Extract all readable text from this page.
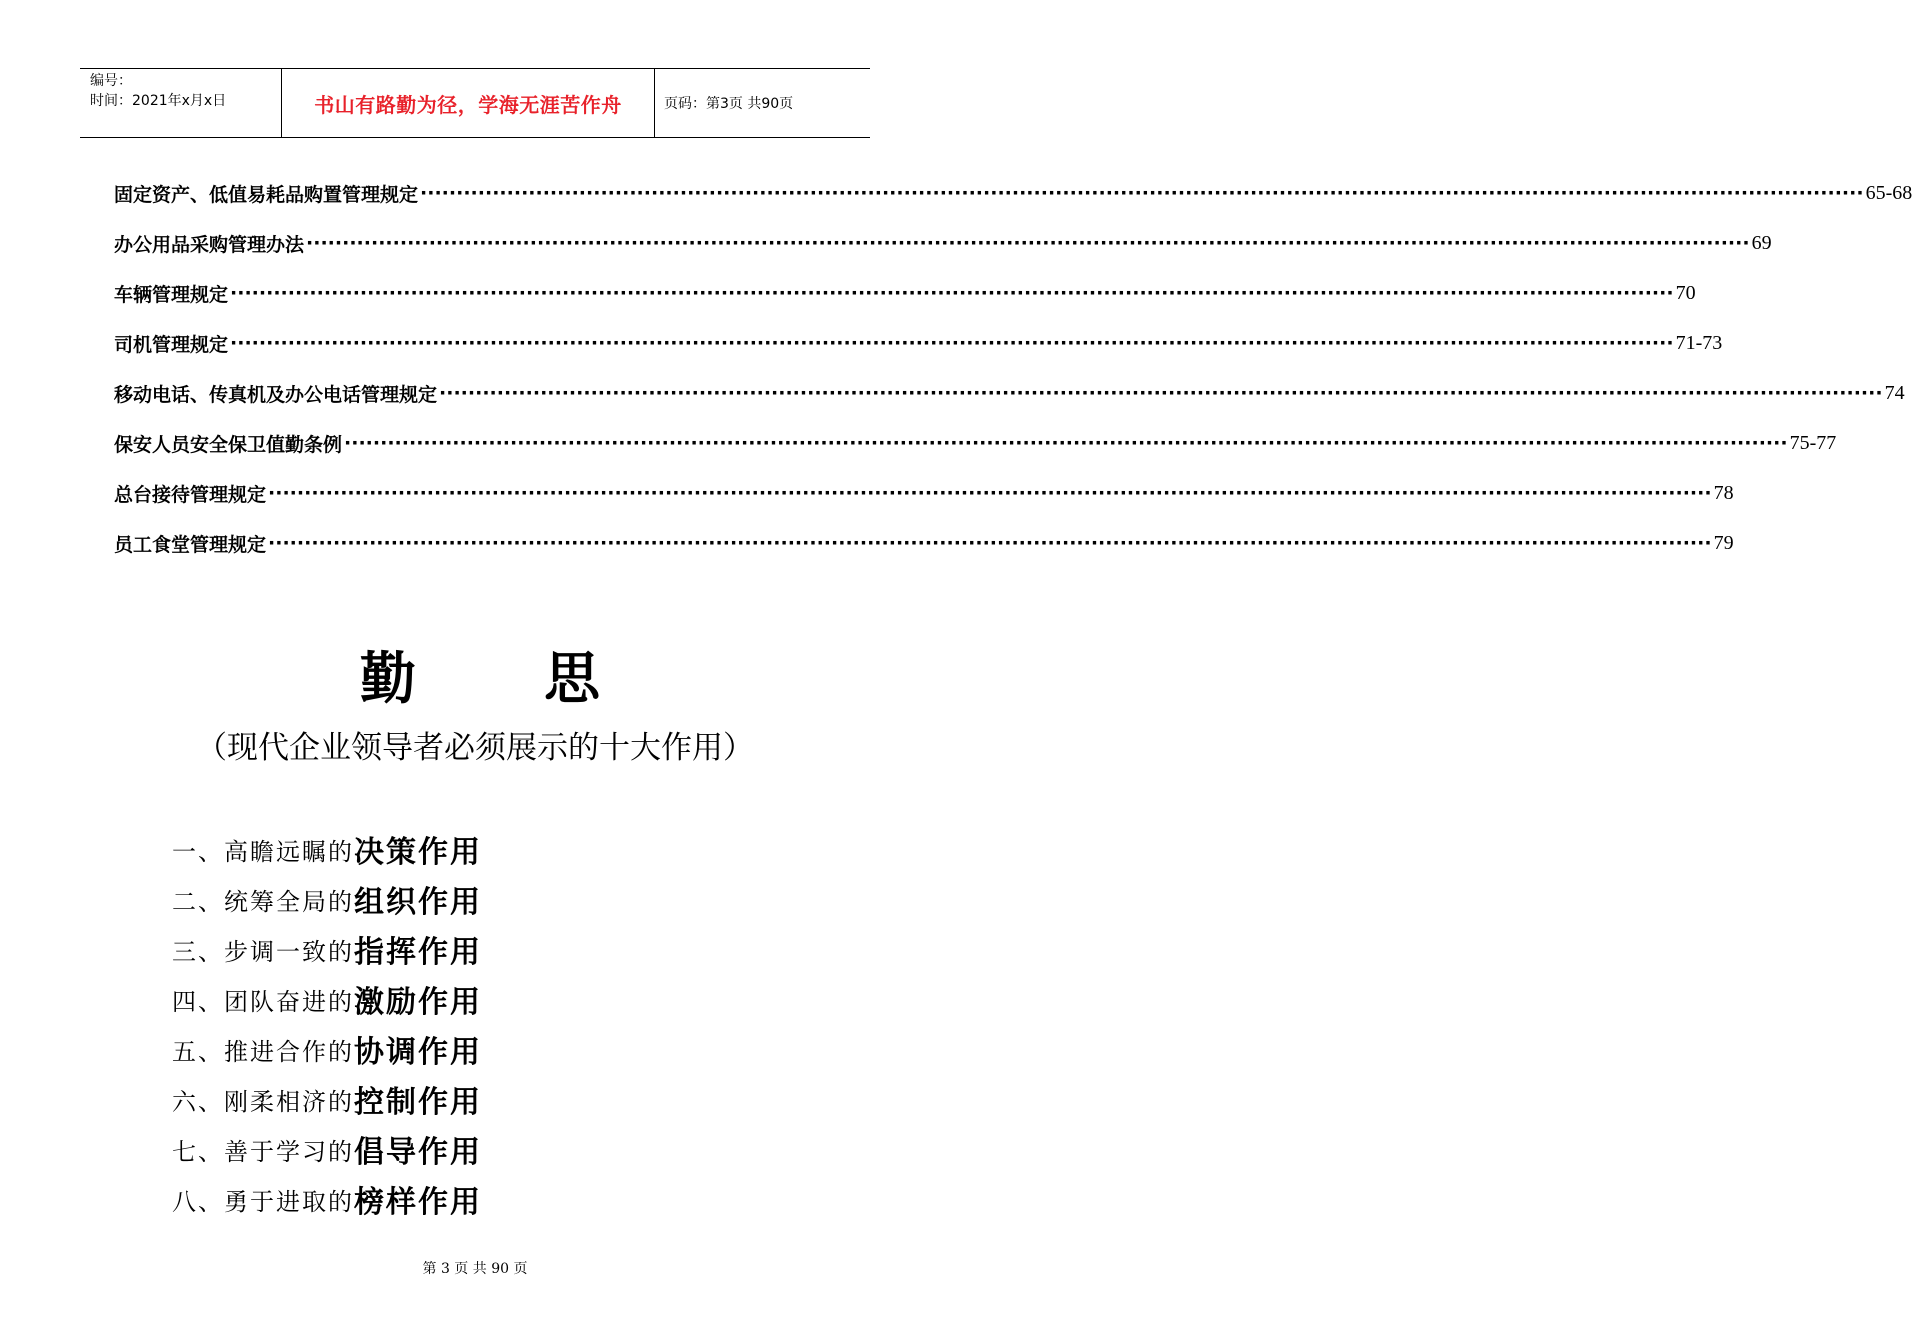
编号：
时间：2021年x月x日	书山有路勤为径，学海无涯苦作舟	页码：第3页 共90页
固定资产、低值易耗品购置管理规定 ········································································································································································································ 65-68
办公用品采购管理办法 ········································································································································································································ 69
车辆管理规定 ········································································································································································································ 70
司机管理规定 ········································································································································································································ 71-73
移动电话、传真机及办公电话管理规定 ········································································································································································································ 74
保安人员安全保卫值勤条例 ········································································································································································································ 75-77
总台接待管理规定 ········································································································································································································ 78
员工食堂管理规定 ········································································································································································································ 79
勤 思
（现代企业领导者必须展示的十大作用）
一、高瞻远瞩的 决策 作用
二、统筹全局的 组织 作用
三、步调一致的 指挥 作用
四、团队奋进的 激励 作用
五、推进合作的 协调 作用
六、刚柔相济的 控制 作用
七、善于学习的 倡导 作用
八、勇于进取的 榜样 作用
第 3 页 共 90 页
